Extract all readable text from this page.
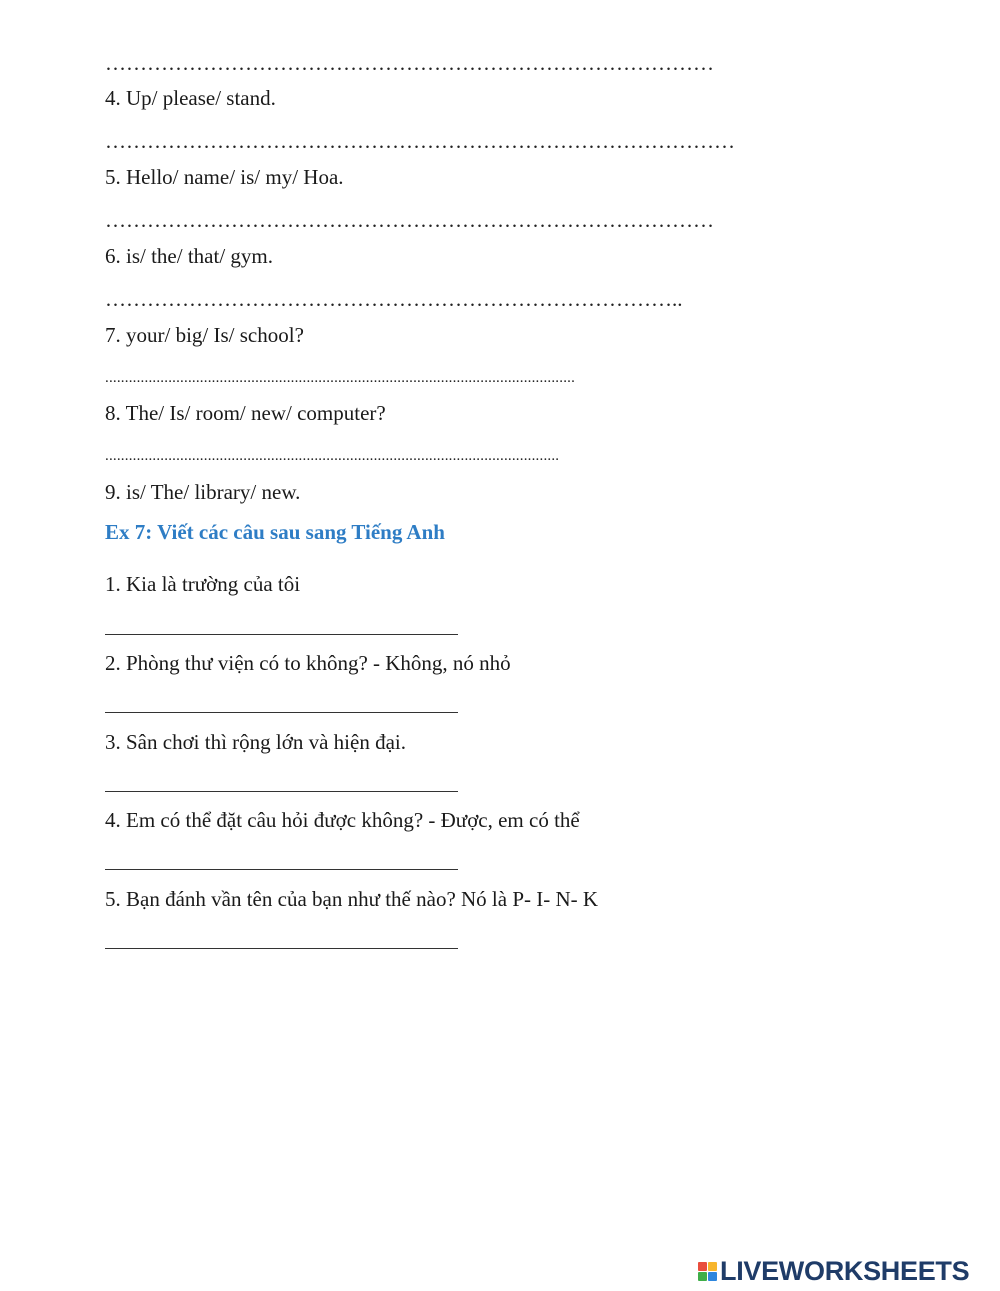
……………………………………………………………………………
4. Up/ please/ stand.
………………………………………………………………………………
5. Hello/ name/ is/ my/ Hoa.
……………………………………………………………………………
6. is/ the/ that/ gym.
………………………………………………………………………..
7. your/ big/ Is/ school?
.......................................................................................................................
8. The/ Is/ room/ new/ computer?
...................................................................................................................
9. is/ The/ library/ new.
Ex 7: Viết các câu sau sang Tiếng Anh
1. Kia là trường của tôi
2. Phòng thư viện có to không? - Không, nó nhỏ
3. Sân chơi thì rộng lớn và hiện đại.
4. Em có thể đặt câu hỏi được không? - Được, em có thể
5. Bạn đánh vần tên của bạn như thế nào? Nó là P- I- N- K
LIVEWORKSHEETS
